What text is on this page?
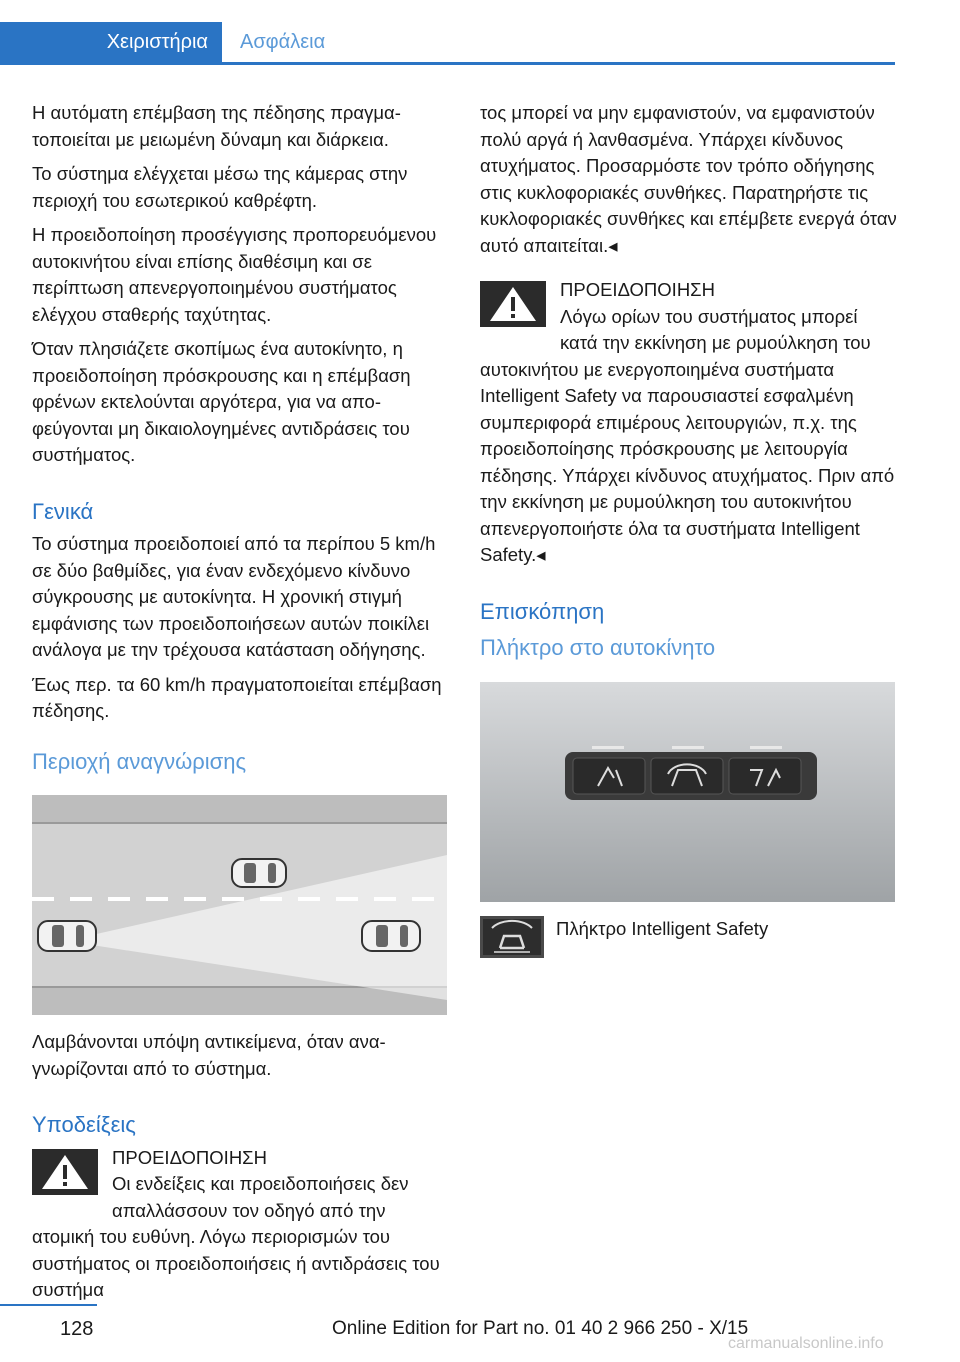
Χειριστήρια	Ασφάλεια

Η αυτόματη επέμβαση της πέδησης πραγματοποιείται με μειωμένη δύναμη και διάρκεια.

Το σύστημα ελέγχεται μέσω της κάμερας στην περιοχή του εσωτερικού καθρέφτη.

Η προειδοποίηση προσέγγισης προπορευόμενου αυτοκινήτου είναι επίσης διαθέσιμη και σε περίπτωση απενεργοποιημένου συστήματος ελέγχου σταθερής ταχύτητας.

Όταν πλησιάζετε σκοπίμως ένα αυτοκίνητο, η προειδοποίηση πρόσκρουσης και η επέμβαση φρένων εκτελούνται αργότερα, για να αποφεύγονται μη δικαιολογημένες αντιδράσεις του συστήματος.

Γενικά

Το σύστημα προειδοποιεί από τα περίπου 5 km/h σε δύο βαθμίδες, για έναν ενδεχόμενο κίνδυνο σύγκρουσης με αυτοκίνητα. Η χρονική στιγμή εμφάνισης των προειδοποιήσεων αυτών ποικίλει ανάλογα με την τρέχουσα κατάσταση οδήγησης.

Έως περ. τα 60 km/h πραγματοποιείται επέμβαση πέδησης.

Περιοχή αναγνώρισης

Λαμβάνονται υπόψη αντικείμενα, όταν αναγνωρίζονται από το σύστημα.

Υποδείξεις
ΠΡΟΕΙΔΟΠΟΙΗΣΗ
Οι ενδείξεις και προειδοποιήσεις δεν απαλλάσσουν τον οδηγό από την ατομική του ευθύνη. Λόγω περιορισμών του συστήματος οι προειδοποιήσεις ή αντιδράσεις του συστήμα

τος μπορεί να μην εμφανιστούν, να εμφανιστούν πολύ αργά ή λανθασμένα. Υπάρχει κίνδυνος ατυχήματος. Προσαρμόστε τον τρόπο οδήγησης στις κυκλοφοριακές συνθήκες. Παρατηρήστε τις κυκλοφοριακές συνθήκες και επέμβετε ενεργά όταν αυτό απαιτείται.◂

ΠΡΟΕΙΔΟΠΟΙΗΣΗ
Λόγω ορίων του συστήματος μπορεί κατά την εκκίνηση με ρυμούλκηση του αυτοκινήτου με ενεργοποιημένα συστήματα Intelligent Safety να παρουσιαστεί εσφαλμένη συμπεριφορά επιμέρους λειτουργιών, π.χ. της προειδοποίησης πρόσκρουσης με λειτουργία πέδησης. Υπάρχει κίνδυνος ατυχήματος. Πριν από την εκκίνηση με ρυμούλκηση του αυτοκινήτου απενεργοποιήστε όλα τα συστήματα Intelligent Safety.◂
Επισκόπηση
Πλήκτρο στο αυτοκίνητο
Πλήκτρο Intelligent Safety
128	Online Edition for Part no. 01 40 2 966 250 - X/15
carmanualsonline.info
